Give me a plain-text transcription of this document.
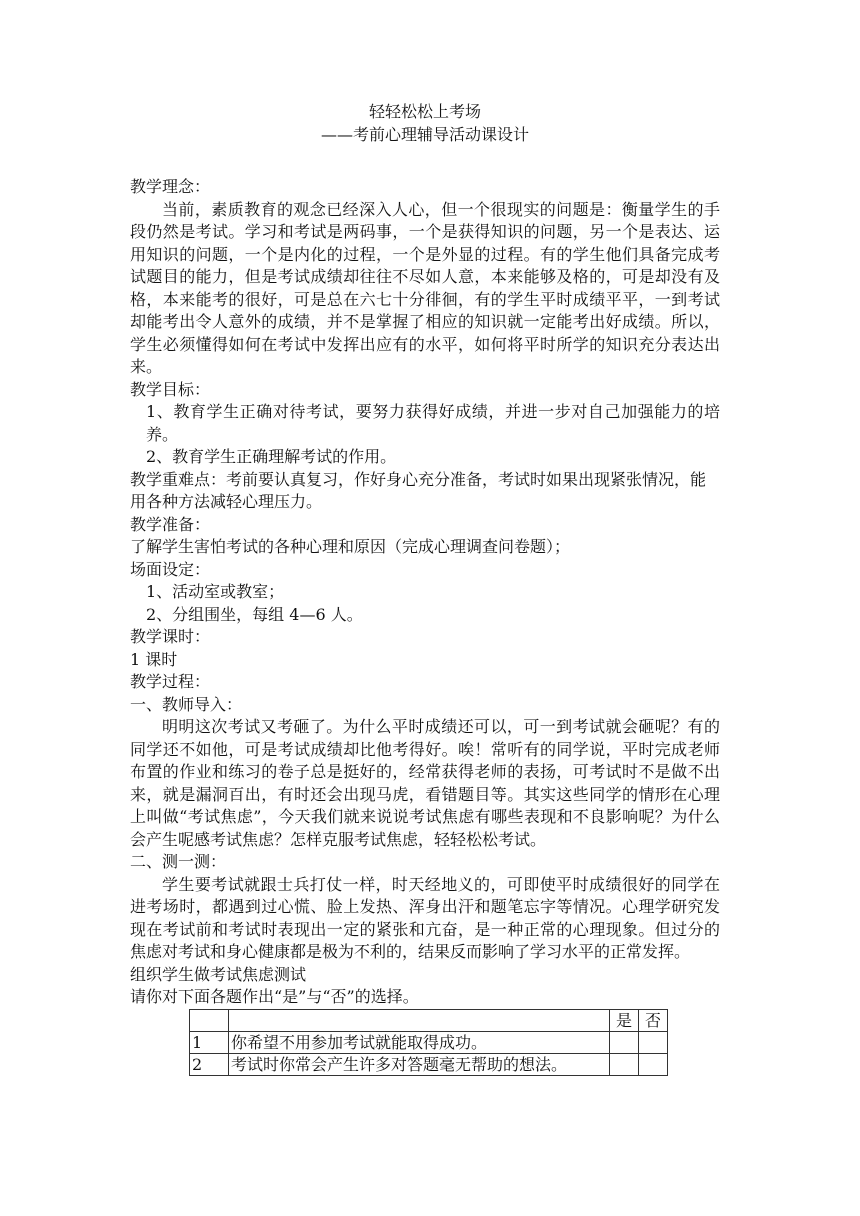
轻轻松松上考场

——考前心理辅导活动课设计

教学理念：

当前，素质教育的观念已经深入人心，但一个很现实的问题是：衡量学生的手段仍然是考试。学习和考试是两码事，一个是获得知识的问题，另一个是表达、运用知识的问题，一个是内化的过程，一个是外显的过程。有的学生他们具备完成考试题目的能力，但是考试成绩却往往不尽如人意，本来能够及格的，可是却没有及格，本来能考的很好，可是总在六七十分徘徊，有的学生平时成绩平平，一到考试却能考出令人意外的成绩，并不是掌握了相应的知识就一定能考出好成绩。所以，学生必须懂得如何在考试中发挥出应有的水平，如何将平时所学的知识充分表达出来。

教学目标：

1、教育学生正确对待考试，要努力获得好成绩，并进一步对自己加强能力的培养。

2、教育学生正确理解考试的作用。

教学重难点：考前要认真复习，作好身心充分准备，考试时如果出现紧张情况，能用各种方法减轻心理压力。

教学准备：

了解学生害怕考试的各种心理和原因（完成心理调查问卷题）；

场面设定：

1、活动室或教室；

2、分组围坐，每组 4—6 人。

教学课时：

1 课时

教学过程：

一、教师导入：

明明这次考试又考砸了。为什么平时成绩还可以，可一到考试就会砸呢？有的同学还不如他，可是考试成绩却比他考得好。唉！常听有的同学说，平时完成老师布置的作业和练习的卷子总是挺好的，经常获得老师的表扬，可考试时不是做不出来，就是漏洞百出，有时还会出现马虎，看错题目等。其实这些同学的情形在心理上叫做“考试焦虑”，今天我们就来说说考试焦虑有哪些表现和不良影响呢？为什么会产生呢感考试焦虑？怎样克服考试焦虑，轻轻松松考试。

二、测一测：

学生要考试就跟士兵打仗一样，时天经地义的，可即使平时成绩很好的同学在进考场时，都遇到过心慌、脸上发热、浑身出汗和题笔忘字等情况。心理学研究发现在考试前和考试时表现出一定的紧张和亢奋，是一种正常的心理现象。但过分的焦虑对考试和身心健康都是极为不利的，结果反而影响了学习水平的正常发挥。

组织学生做考试焦虑测试

请你对下面各题作出“是”与“否”的选择。

		是	否
1	你希望不用参加考试就能取得成功。		
2	考试时你常会产生许多对答题毫无帮助的想法。		
